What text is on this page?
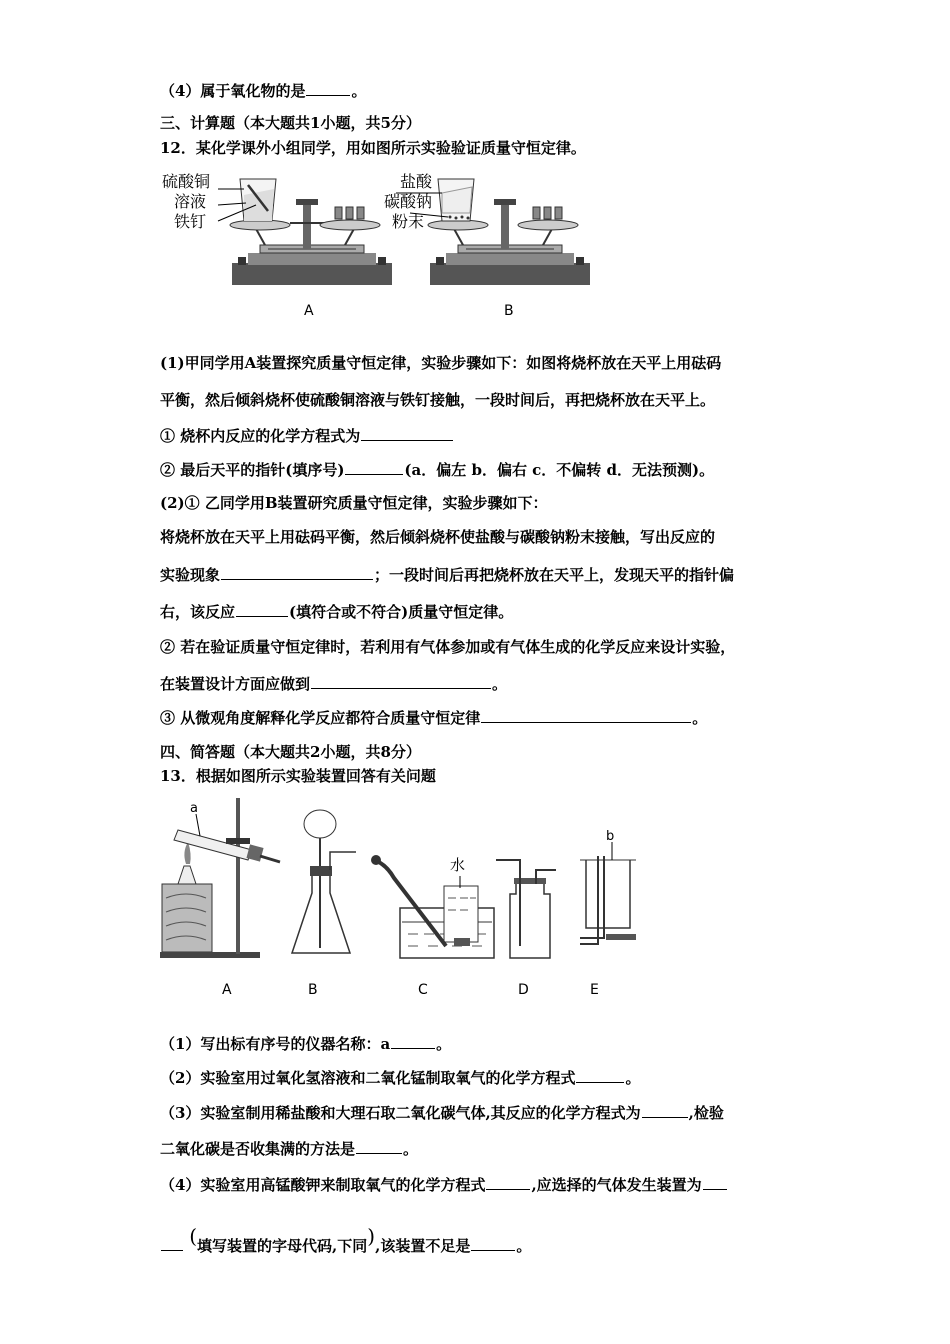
（4）属于氧化物的是	。
三、计算题（本大题共1小题，共5分）
12．某化学课外小组同学，用如图所示实验验证质量守恒定律。
硫酸铜
溶液
铁钉
A
盐酸
碳酸钠
粉末
B
(1)甲同学用A装置探究质量守恒定律，实验步骤如下：如图将烧杯放在天平上用砝码
平衡，然后倾斜烧杯使硫酸铜溶液与铁钉接触，一段时间后，再把烧杯放在天平上。
① 烧杯内反应的化学方程式为
② 最后天平的指针(填序号)	(a．偏左 b．偏右 c．不偏转 d．无法预测)。
(2)① 乙同学用B装置研究质量守恒定律，实验步骤如下：
将烧杯放在天平上用砝码平衡，然后倾斜烧杯使盐酸与碳酸钠粉末接触，写出反应的
实验现象	；一段时间后再把烧杯放在天平上，发现天平的指针偏
右，该反应	(填符合或不符合)质量守恒定律。
② 若在验证质量守恒定律时，若利用有气体参加或有气体生成的化学反应来设计实验，
在装置设计方面应做到	。
③ 从微观角度解释化学反应都符合质量守恒定律	。
四、简答题（本大题共2小题，共8分）
13．根据如图所示实验装置回答有关问题
a
水
b
A	B	C	D	E
（1）写出标有序号的仪器名称：a	。
（2）实验室用过氧化氢溶液和二氧化锰制取氧气的化学方程式	。
（3）实验室制用稀盐酸和大理石取二氧化碳气体,其反应的化学方程式为	,检验
二氧化碳是否收集满的方法是	。
（4）实验室用高锰酸钾来制取氧气的化学方程式	,应选择的气体发生装置为
(填写装置的字母代码,下同),该装置不足是	。
